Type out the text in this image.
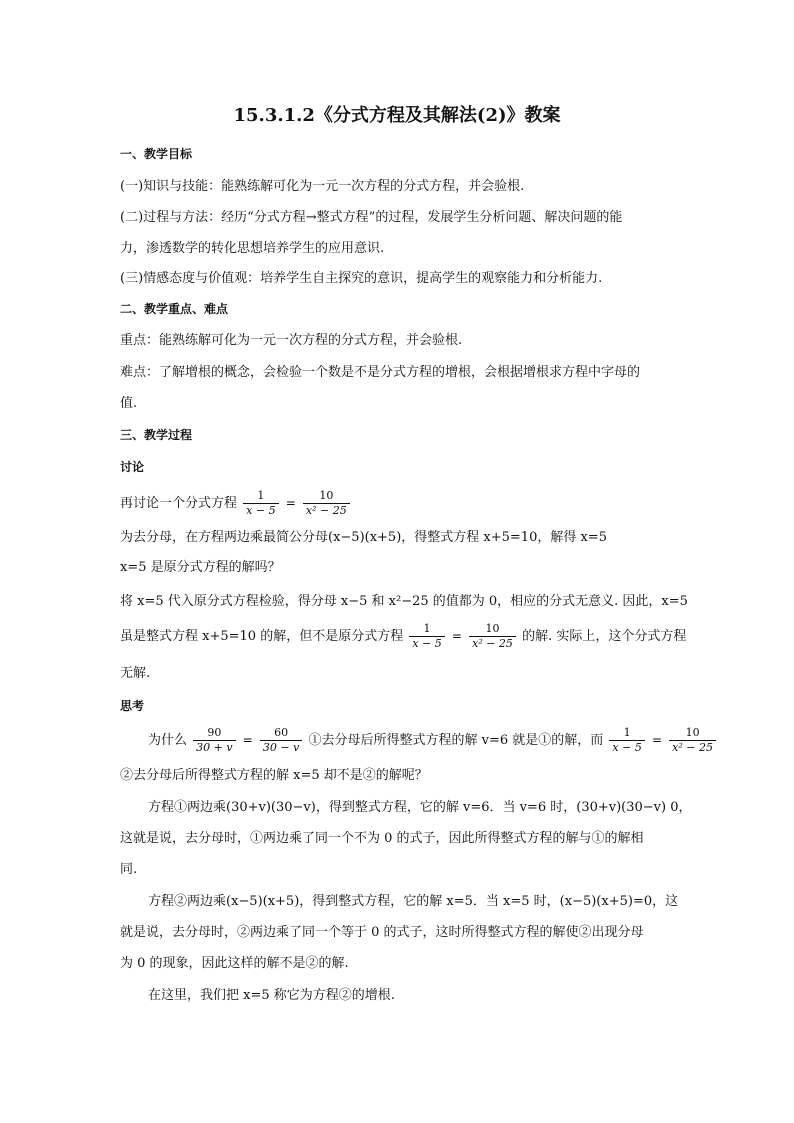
15.3.1.2《分式方程及其解法(2)》教案
一、教学目标
(一)知识与技能：能熟练解可化为一元一次方程的分式方程，并会验根.
(二)过程与方法：经历“分式方程→整式方程”的过程，发展学生分析问题、解决问题的能
力，渗透数学的转化思想培养学生的应用意识.
(三)情感态度与价值观：培养学生自主探究的意识，提高学生的观察能力和分析能力.
二、教学重点、难点
重点：能熟练解可化为一元一次方程的分式方程，并会验根.
难点：了解增根的概念，会检验一个数是不是分式方程的增根，会根据增根求方程中字母的
值.
三、教学过程
讨论
再讨论一个分式方程 $\frac{1}{x - 5} = \frac{10}{\text{x² − 25}}$
为去分母，在方程两边乘最简公分母(x−5)(x+5)，得整式方程 x+5=10，解得 x=5
x=5 是原分式方程的解吗？
将 x=5 代入原分式方程检验，得分母 x−5 和 x²−25 的值都为 0，相应的分式无意义. 因此，x=5
虽是整式方程 x+5=10 的解，但不是原分式方程 $\frac{1}{x - 5} = \frac{10}{\text{x² − 25}}$ 的解. 实际上，这个分式方程
无解.
思考
为什么 $\frac{90}{30 + v} = \frac{60}{30 - v}$ ①去分母后所得整式方程的解 v=6 就是①的解，而 $\frac{1}{x - 5} = \frac{10}{\text{x² − 25}}$
②去分母后所得整式方程的解 x=5 却不是②的解呢？
方程①两边乘(30+v)(30−v)，得到整式方程，它的解 v=6．当 v=6 时，(30+v)(30−v) 0，
这就是说，去分母时，①两边乘了同一个不为 0 的式子，因此所得整式方程的解与①的解相
同.
方程②两边乘(x−5)(x+5)，得到整式方程，它的解 x=5．当 x=5 时，(x−5)(x+5)=0，这
就是说，去分母时，②两边乘了同一个等于 0 的式子，这时所得整式方程的解使②出现分母
为 0 的现象，因此这样的解不是②的解.
在这里，我们把 x=5 称它为方程②的增根.
